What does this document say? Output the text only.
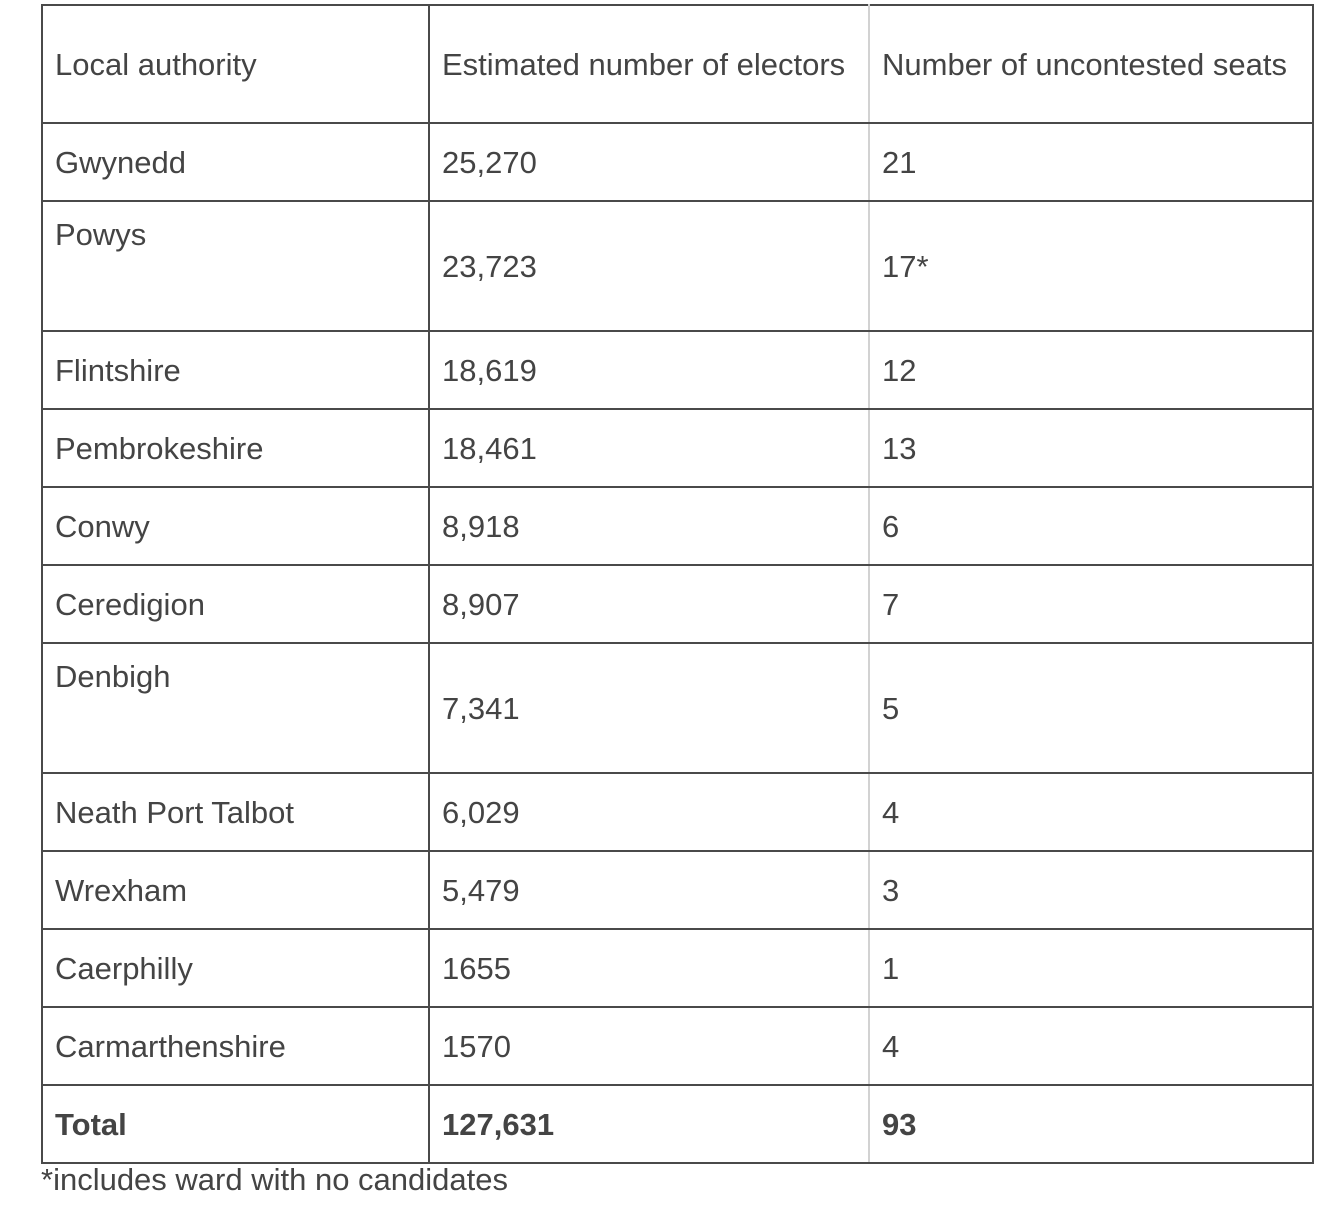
Local authority	Estimated number of electors	Number of uncontested seats
Gwynedd	25,270	21
Powys	23,723	17*
Flintshire	18,619	12
Pembrokeshire	18,461	13
Conwy	8,918	6
Ceredigion	8,907	7
Denbigh	7,341	5
Neath Port Talbot	6,029	4
Wrexham	5,479	3
Caerphilly	1655	1
Carmarthenshire	1570	4
Total	127,631	93
*includes ward with no candidates
